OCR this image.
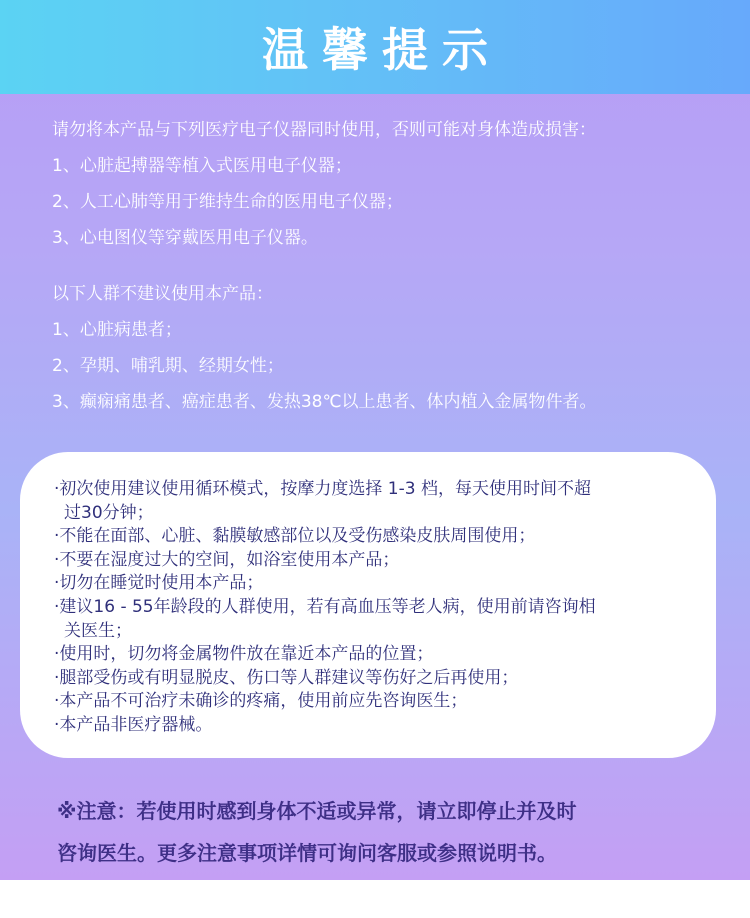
温馨提示
请勿将本产品与下列医疗电子仪器同时使用，否则可能对身体造成损害：
1、心脏起搏器等植入式医用电子仪器；
2、人工心肺等用于维持生命的医用电子仪器；
3、心电图仪等穿戴医用电子仪器。
以下人群不建议使用本产品：
1、心脏病患者；
2、孕期、哺乳期、经期女性；
3、癫痫痛患者、癌症患者、发热38℃以上患者、体内植入金属物件者。
·初次使用建议使用循环模式，按摩力度选择 1-3 档，每天使用时间不超
过30分钟；
·不能在面部、心脏、黏膜敏感部位以及受伤感染皮肤周围使用；
·不要在湿度过大的空间，如浴室使用本产品；
·切勿在睡觉时使用本产品；
·建议16 - 55年龄段的人群使用，若有高血压等老人病，使用前请咨询相
关医生；
·使用时，切勿将金属物件放在靠近本产品的位置；
·腿部受伤或有明显脱皮、伤口等人群建议等伤好之后再使用；
·本产品不可治疗未确诊的疼痛，使用前应先咨询医生；
·本产品非医疗器械。
※注意：若使用时感到身体不适或异常，请立即停止并及时
咨询医生。更多注意事项详情可询问客服或参照说明书。
